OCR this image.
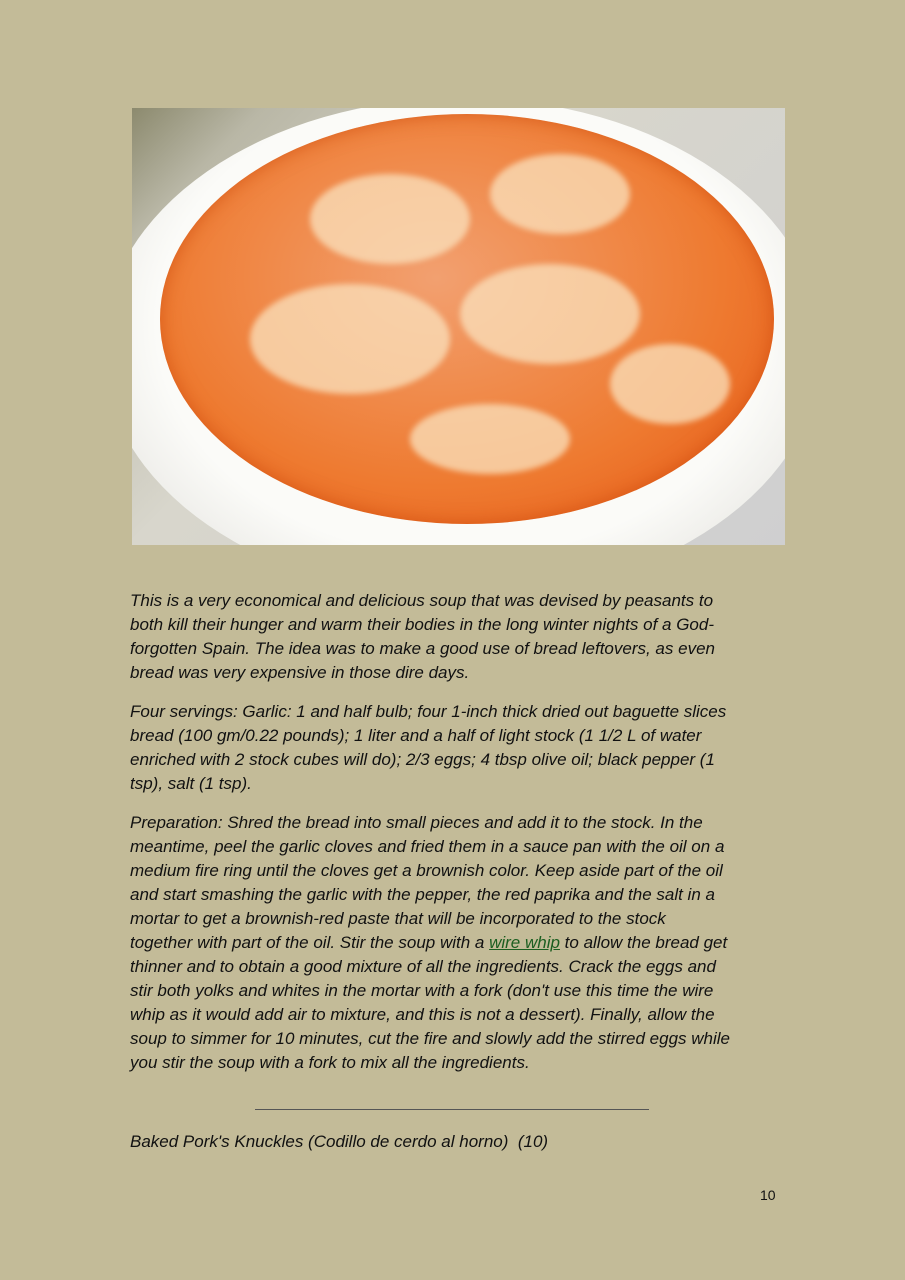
This is a very economical and delicious soup that was devised by peasants to
both kill their hunger and warm their bodies in the long winter nights of a God-
forgotten Spain. The idea was to make a good use of bread leftovers, as even
bread was very expensive in those dire days.
Four servings: Garlic: 1 and half bulb; four 1-inch thick dried out baguette slices
bread (100 gm/0.22 pounds); 1 liter and a half of light stock (1 1/2 L of water
enriched with 2 stock cubes will do); 2/3 eggs; 4 tbsp olive oil; black pepper (1
tsp), salt (1 tsp).
Preparation: Shred the bread into small pieces and add it to the stock. In the
meantime, peel the garlic cloves and fried them in a sauce pan with the oil on a
medium fire ring until the cloves get a brownish color. Keep aside part of the oil
and start smashing the garlic with the pepper, the red paprika and the salt in a
mortar to get a brownish-red paste that will be incorporated to the stock
together with part of the oil. Stir the soup with a wire whip to allow the bread get
thinner and to obtain a good mixture of all the ingredients. Crack the eggs and
stir both yolks and whites in the mortar with a fork (don't use this time the wire
whip as it would add air to mixture, and this is not a dessert). Finally, allow the
soup to simmer for 10 minutes, cut the fire and slowly add the stirred eggs while
you stir the soup with a fork to mix all the ingredients.
Baked Pork's Knuckles (Codillo de cerdo al horno)  (10)
10
